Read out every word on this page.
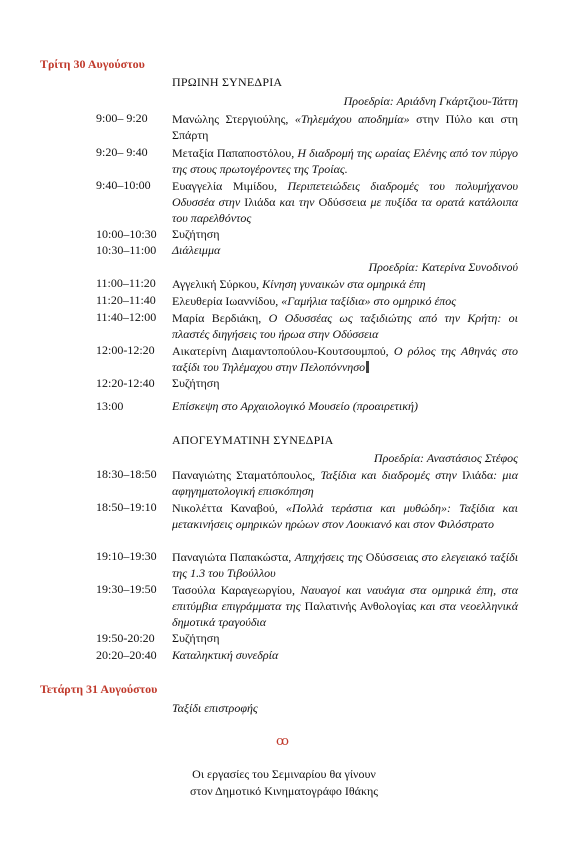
Τρίτη 30 Αυγούστου
ΠΡΩΙΝΗ ΣΥΝΕΔΡΙΑ
Προεδρία: Αριάδνη Γκάρτζιου-Τάττη
9:00– 9:20	Μανώλης Στεργιούλης, «Τηλεμάχου αποδημία» στην Πύλο και στη Σπάρτη
9:20– 9:40	Μεταξία Παπαποστόλου, Η διαδρομή της ωραίας Ελένης από τον πύργο της στους πρωτογέροντες της Τροίας.
9:40–10:00	Ευαγγελία Μιμίδου, Περιπετειώδεις διαδρομές του πολυμήχανου Οδυσσέα στην Ιλιάδα και την Οδύσσεια με πυξίδα τα ορατά κατάλοιπα του παρελθόντος
10:00–10:30	Συζήτηση
10:30–11:00	Διάλειμμα
Προεδρία: Κατερίνα Συνοδινού
11:00–11:20	Αγγελική Σύρκου, Κίνηση γυναικών στα ομηρικά έπη
11:20–11:40	Ελευθερία Ιωαννίδου, «Γαμήλια ταξίδια» στο ομηρικό έπος
11:40–12:00	Μαρία Βερδιάκη, Ο Οδυσσέας ως ταξιδιώτης από την Κρήτη: οι πλαστές διηγήσεις του ήρωα στην Οδύσσεια
12:00-12:20	Αικατερίνη Διαμαντοπούλου-Κουτσουμπού, Ο ρόλος της Αθηνάς στο ταξίδι του Τηλέμαχου στην Πελοπόννησο
12:20-12:40	Συζήτηση
13:00	Επίσκεψη στο Αρχαιολογικό Μουσείο (προαιρετική)
ΑΠΟΓΕΥΜΑΤΙΝΗ ΣΥΝΕΔΡΙΑ
Προεδρία: Αναστάσιος Στέφος
18:30–18:50	Παναγιώτης Σταματόπουλος, Ταξίδια και διαδρομές στην Ιλιάδα: μια αφηγηματολογική επισκόπηση
18:50–19:10	Νικολέττα Καναβού, «Πολλά τεράστια και μυθώδη»: Ταξίδια και μετακινήσεις ομηρικών ηρώων στον Λουκιανό και στον Φιλόστρατο
19:10–19:30	Παναγιώτα Παπακώστα, Απηχήσεις της Οδύσσειας στο ελεγειακό ταξίδι της 1.3 του Τιβούλλου
19:30–19:50	Τασούλα Καραγεωργίου, Ναυαγοί και ναυάγια στα ομηρικά έπη, στα επιτύμβια επιγράμματα της Παλατινής Ανθολογίας και στα νεοελληνικά δημοτικά τραγούδια
19:50-20:20	Συζήτηση
20:20–20:40	Καταληκτική συνεδρία
Τετάρτη 31 Αυγούστου
Ταξίδι επιστροφής
ꝏ
Οι εργασίες του Σεμιναρίου θα γίνουν
στον Δημοτικό Κινηματογράφο Ιθάκης
